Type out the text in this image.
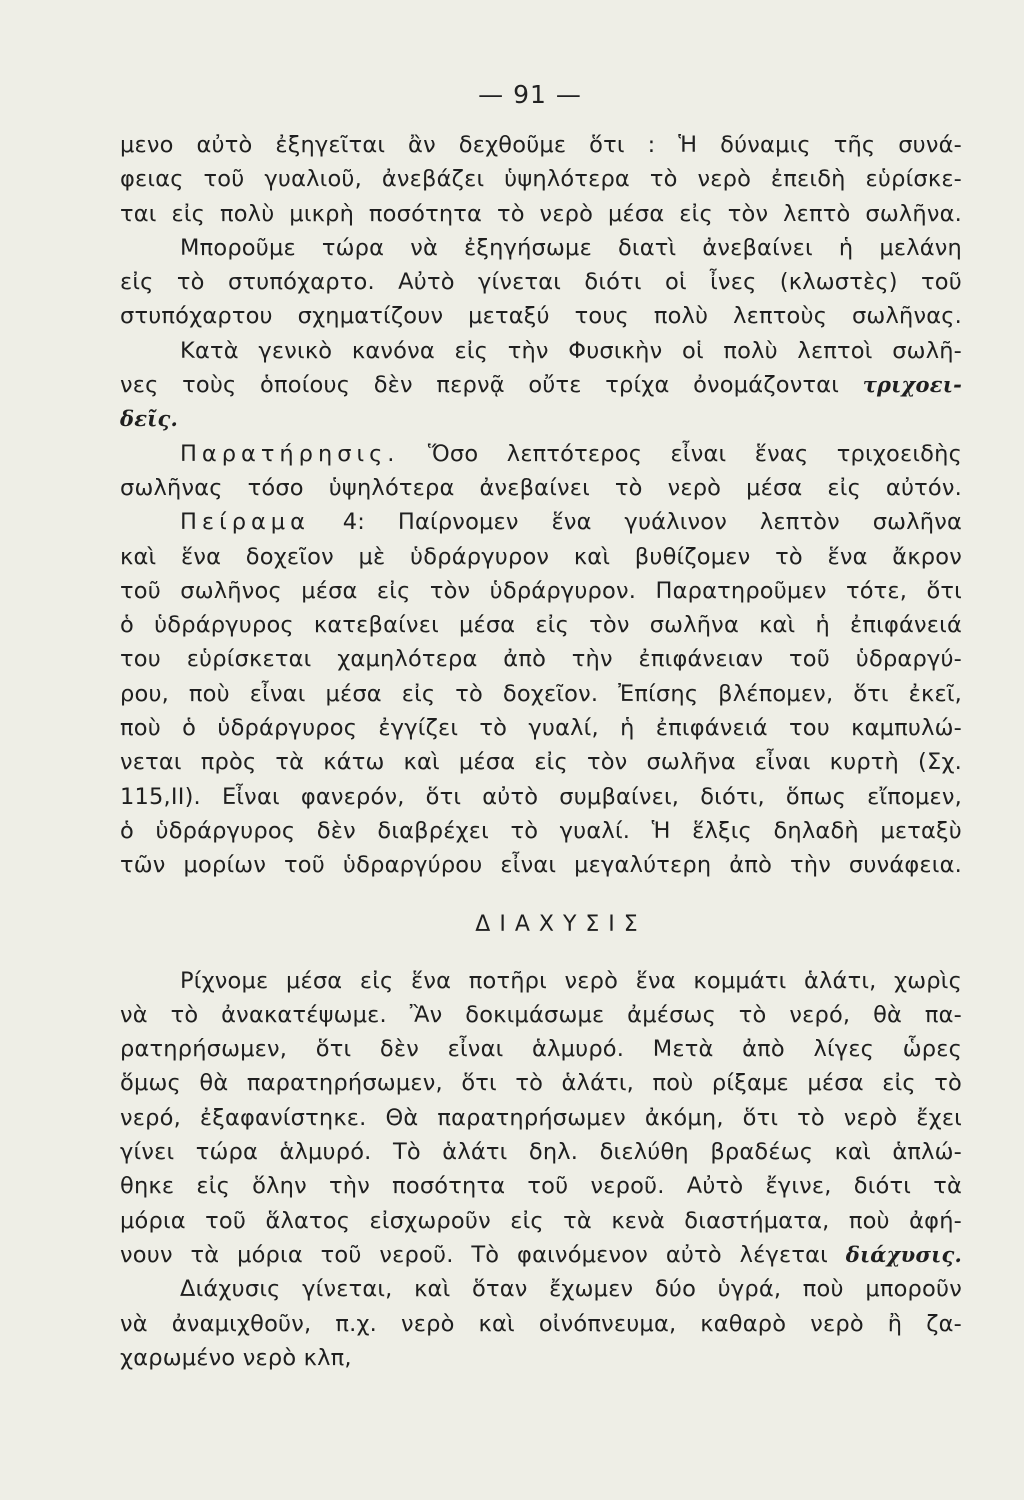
— 91 —
μενο αὐτὸ ἐξηγεῖται ἂν δεχθοῦμε ὅτι : Ἡ δύναμις τῆς συνά-
φειας τοῦ γυαλιοῦ, ἀνεβάζει ὑψηλότερα τὸ νερὸ ἐπειδὴ εὑρίσκε-
ται εἰς πολὺ μικρὴ ποσότητα τὸ νερὸ μέσα εἰς τὸν λεπτὸ σωλῆνα.
Μποροῦμε τώρα νὰ ἐξηγήσωμε διατὶ ἀνεβαίνει ἡ μελάνη
εἰς τὸ στυπόχαρτο. Αὐτὸ γίνεται διότι οἱ ἶνες (κλωστὲς) τοῦ
στυπόχαρτου σχηματίζουν μεταξύ τους πολὺ λεπτοὺς σωλῆνας.
Κατὰ γενικὸ κανόνα εἰς τὴν Φυσικὴν οἱ πολὺ λεπτοὶ σωλῆ-
νες τοὺς ὁποίους δὲν περνᾷ οὔτε τρίχα ὀνομάζονται τριχοει-
δεῖς.
Παρατήρησις. Ὅσο λεπτότερος εἶναι ἕνας τριχοειδὴς
σωλῆνας τόσο ὑψηλότερα ἀνεβαίνει τὸ νερὸ μέσα εἰς αὐτόν.
Πείραμα 4: Παίρνομεν ἕνα γυάλινον λεπτὸν σωλῆνα
καὶ ἕνα δοχεῖον μὲ ὑδράργυρον καὶ βυθίζομεν τὸ ἕνα ἄκρον
τοῦ σωλῆνος μέσα εἰς τὸν ὑδράργυρον. Παρατηροῦμεν τότε, ὅτι
ὁ ὑδράργυρος κατεβαίνει μέσα εἰς τὸν σωλῆνα καὶ ἡ ἐπιφάνειά
του εὑρίσκεται χαμηλότερα ἀπὸ τὴν ἐπιφάνειαν τοῦ ὑδραργύ-
ρου, ποὺ εἶναι μέσα εἰς τὸ δοχεῖον. Ἐπίσης βλέπομεν, ὅτι ἐκεῖ,
ποὺ ὁ ὑδράργυρος ἐγγίζει τὸ γυαλί, ἡ ἐπιφάνειά του καμπυλώ-
νεται πρὸς τὰ κάτω καὶ μέσα εἰς τὸν σωλῆνα εἶναι κυρτὴ (Σχ.
115,II). Εἶναι φανερόν, ὅτι αὐτὸ συμβαίνει, διότι, ὅπως εἴπομεν,
ὁ ὑδράργυρος δὲν διαβρέχει τὸ γυαλί. Ἡ ἕλξις δηλαδὴ μεταξὺ
τῶν μορίων τοῦ ὑδραργύρου εἶναι μεγαλύτερη ἀπὸ τὴν συνάφεια.
ΔΙΑΧΥΣΙΣ
Ρίχνομε μέσα εἰς ἕνα ποτῆρι νερὸ ἕνα κομμάτι ἁλάτι, χωρὶς
νὰ τὸ ἀνακατέψωμε. Ἂν δοκιμάσωμε ἀμέσως τὸ νερό, θὰ πα-
ρατηρήσωμεν, ὅτι δὲν εἶναι ἁλμυρό. Μετὰ ἀπὸ λίγες ὧρες
ὅμως θὰ παρατηρήσωμεν, ὅτι τὸ ἁλάτι, ποὺ ρίξαμε μέσα εἰς τὸ
νερό, ἐξαφανίστηκε. Θὰ παρατηρήσωμεν ἀκόμη, ὅτι τὸ νερὸ ἔχει
γίνει τώρα ἁλμυρό. Τὸ ἁλάτι δηλ. διελύθη βραδέως καὶ ἁπλώ-
θηκε εἰς ὅλην τὴν ποσότητα τοῦ νεροῦ. Αὐτὸ ἔγινε, διότι τὰ
μόρια τοῦ ἅλατος εἰσχωροῦν εἰς τὰ κενὰ διαστήματα, ποὺ ἀφή-
νουν τὰ μόρια τοῦ νεροῦ. Τὸ φαινόμενον αὐτὸ λέγεται διάχυσις.
Διάχυσις γίνεται, καὶ ὅταν ἔχωμεν δύο ὑγρά, ποὺ μποροῦν
νὰ ἀναμιχθοῦν, π.χ. νερὸ καὶ οἰνόπνευμα, καθαρὸ νερὸ ἢ ζα-
χαρωμένο νερὸ κλπ,
